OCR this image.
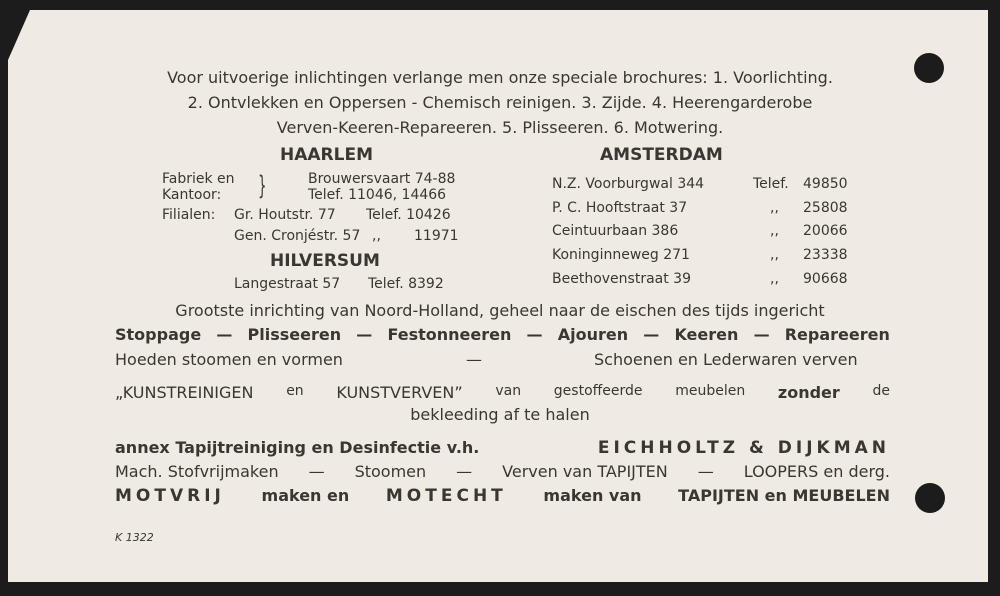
Voor uitvoerige inlichtingen verlange men onze speciale brochures: 1. Voorlichting.
2. Ontvlekken en Oppersen - Chemisch reinigen. 3. Zijde. 4. Heerengarderobe
Verven-Keeren-Repareeren. 5. Plisseeren. 6. Motwering.
HAARLEM
Fabriek en
Kantoor: }	Brouwersvaart 74-88
Telef. 11046, 14466
Filialen: Gr. Houtstr. 77 Telef. 10426
Gen. Cronjéstr. 57 ,, 11971
HILVERSUM
Langestraat 57 Telef. 8392
AMSTERDAM
N.Z. Voorburgwal 344	Telef. 49850
P. C. Hooftstraat 37	,, 25808
Ceintuurbaan 386	,, 20066
Koninginneweg 271	,, 23338
Beethovenstraat 39	,, 90668
Grootste inrichting van Noord-Holland, geheel naar de eischen des tijds ingericht
Stoppage — Plisseeren — Festonneeren — Ajouren — Keeren — Repareeren
Hoeden stoomen en vormen	—	Schoenen en Lederwaren verven
„KUNSTREINIGEN en KUNSTVERVEN” van gestoffeerde meubelen zonder de
bekleeding af te halen
annex Tapijtreiniging en Desinfectie v.h.	EICHHOLTZ & DIJKMAN
Mach. Stofvrijmaken — Stoomen — Verven van TAPIJTEN — LOOPERS en derg.
MOTVRIJ maken en MOTECHT maken van TAPIJTEN en MEUBELEN
K 1322
